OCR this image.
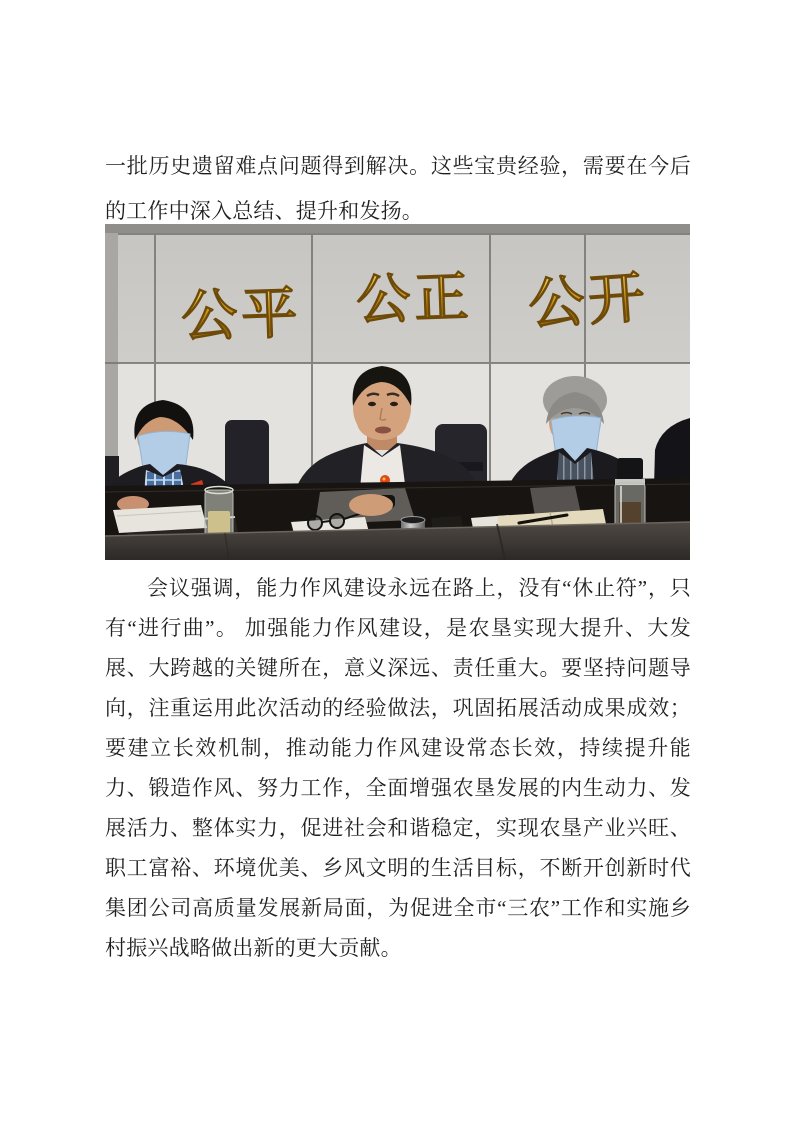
一批历史遗留难点问题得到解决。这些宝贵经验，需要在今后的工作中深入总结、提升和发扬。
公平 公正 公开
会议强调，能力作风建设永远在路上，没有“休止符”，只有“进行曲”。 加强能力作风建设，是农垦实现大提升、大发展、大跨越的关键所在，意义深远、责任重大。要坚持问题导向，注重运用此次活动的经验做法，巩固拓展活动成果成效；要建立长效机制，推动能力作风建设常态长效，持续提升能力、锻造作风、努力工作，全面增强农垦发展的内生动力、发展活力、整体实力，促进社会和谐稳定，实现农垦产业兴旺、职工富裕、环境优美、乡风文明的生活目标，不断开创新时代集团公司高质量发展新局面，为促进全市“三农”工作和实施乡村振兴战略做出新的更大贡献。
